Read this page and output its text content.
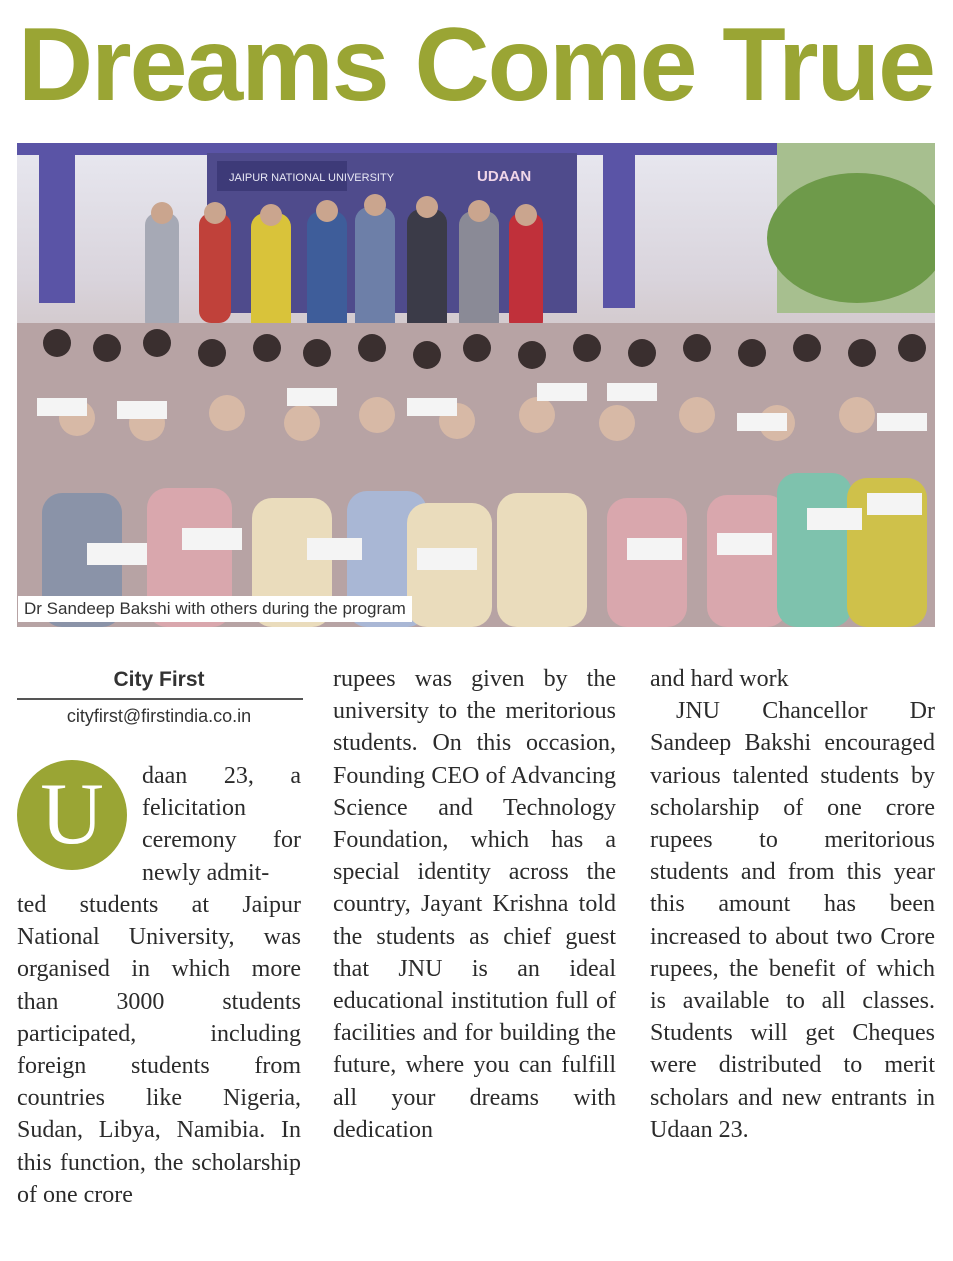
Dreams Come True
JAIPUR NATIONAL UNIVERSITY	UDAAN
Dr Sandeep Bakshi with others during the program
City First
cityfirst@firstindia.co.in
U	daan 23, a felicitation ceremony for newly admit-
ted students at Jaipur National University, was organised in which more than 3000 students participated, including foreign students from countries like Nigeria, Sudan, Libya, Namibia. In this function, the scholarship of one crore

rupees was given by the university to the meritorious students. On this occasion, Founding CEO of Advancing Science and Technology Foundation, which has a special identity across the country, Jayant Krishna told the students as chief guest that JNU is an ideal educational institution full of facilities and for building the future, where you can fulfill all your dreams with dedication

and hard work

JNU Chancellor Dr Sandeep Bakshi encouraged various talented students by scholarship of one crore rupees to meritorious students and from this year this amount has been increased to about two Crore rupees, the benefit of which is available to all classes. Students will get Cheques were distributed to merit scholars and new entrants in Udaan 23.
